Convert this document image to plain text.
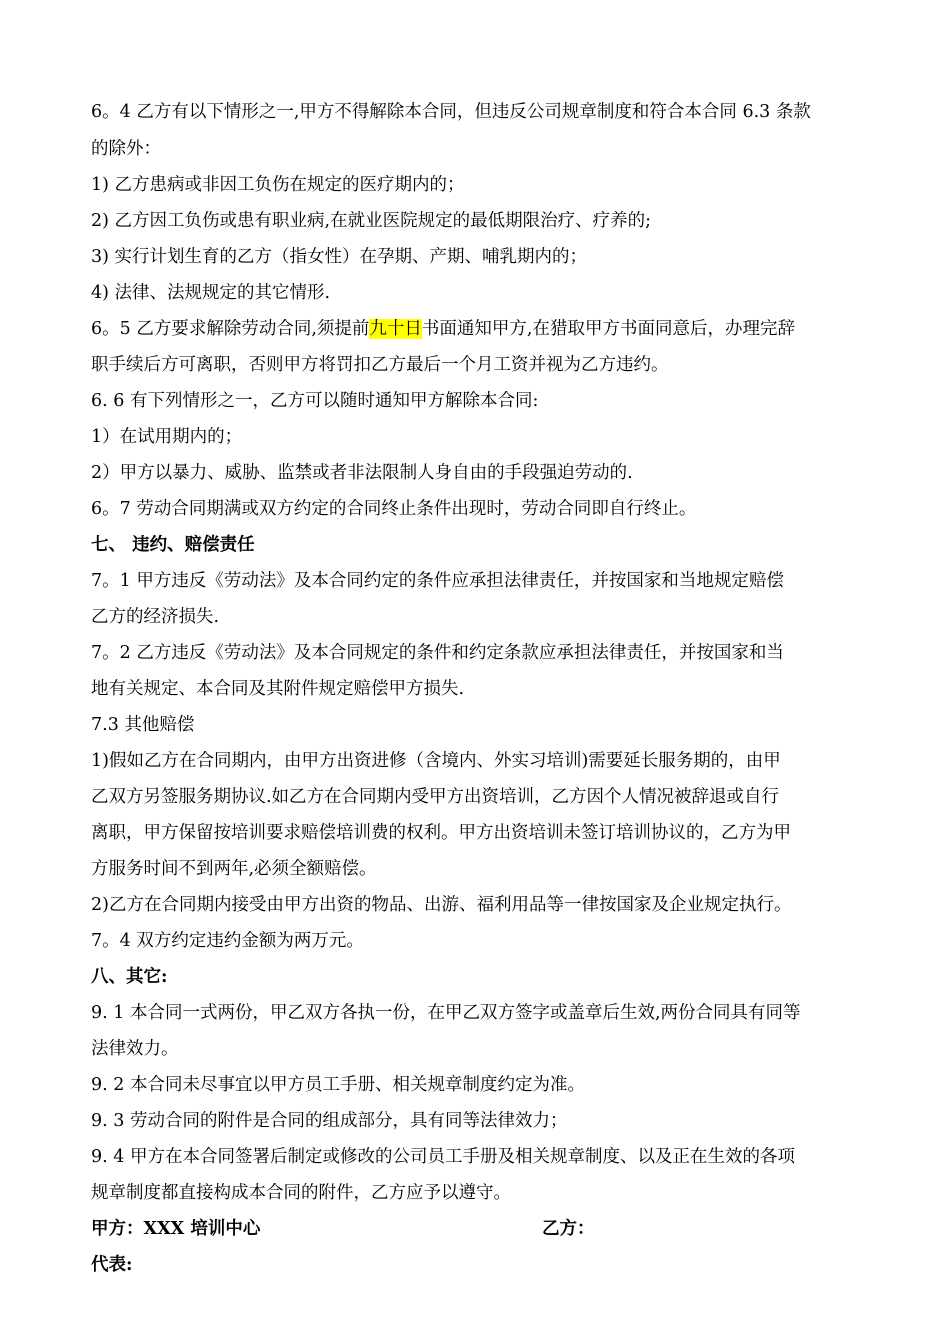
6。4 乙方有以下情形之一,甲方不得解除本合同，但违反公司规章制度和符合本合同 6.3 条款
的除外：
1) 乙方患病或非因工负伤在规定的医疗期内的；
2) 乙方因工负伤或患有职业病,在就业医院规定的最低期限治疗、疗养的;
3) 实行计划生育的乙方（指女性）在孕期、产期、哺乳期内的；
4) 法律、法规规定的其它情形.
6。5 乙方要求解除劳动合同,须提前九十日书面通知甲方,在猎取甲方书面同意后，办理完辞
职手续后方可离职，否则甲方将罚扣乙方最后一个月工资并视为乙方违约。
6. 6 有下列情形之一，乙方可以随时通知甲方解除本合同:
1）在试用期内的；
2）甲方以暴力、威胁、监禁或者非法限制人身自由的手段强迫劳动的.
6。7 劳动合同期满或双方约定的合同终止条件出现时，劳动合同即自行终止。
七、 违约、赔偿责任
7。1 甲方违反《劳动法》及本合同约定的条件应承担法律责任，并按国家和当地规定赔偿
乙方的经济损失.
7。2 乙方违反《劳动法》及本合同规定的条件和约定条款应承担法律责任，并按国家和当
地有关规定、本合同及其附件规定赔偿甲方损失.
7.3 其他赔偿
1)假如乙方在合同期内，由甲方出资进修（含境内、外实习培训)需要延长服务期的，由甲
乙双方另签服务期协议.如乙方在合同期内受甲方出资培训，乙方因个人情况被辞退或自行
离职，甲方保留按培训要求赔偿培训费的权利。甲方出资培训未签订培训协议的，乙方为甲
方服务时间不到两年,必须全额赔偿。
2)乙方在合同期内接受由甲方出资的物品、出游、福利用品等一律按国家及企业规定执行。
7。4 双方约定违约金额为两万元。
八、其它:
9. 1 本合同一式两份，甲乙双方各执一份，在甲乙双方签字或盖章后生效,两份合同具有同等
法律效力。
9. 2 本合同未尽事宜以甲方员工手册、相关规章制度约定为准。
9. 3 劳动合同的附件是合同的组成部分，具有同等法律效力；
9. 4 甲方在本合同签署后制定或修改的公司员工手册及相关规章制度、以及正在生效的各项
规章制度都直接构成本合同的附件，乙方应予以遵守。
甲方：XXX 培训中心	乙方：
代表:
